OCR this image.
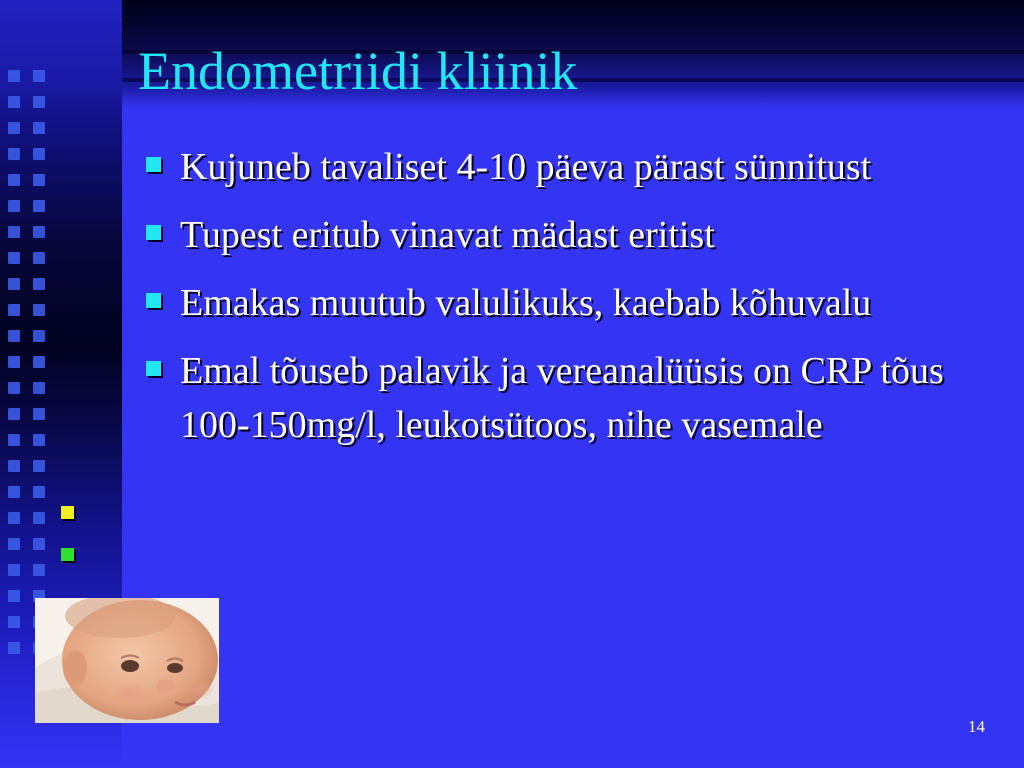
Endometriidi kliinik
Kujuneb tavaliset 4-10 päeva pärast sünnitust
Tupest eritub vinavat mädast eritist
Emakas muutub valulikuks, kaebab kõhuvalu
Emal tõuseb palavik ja vereanalüüsis on CRP tõus 100-150mg/l, leukotsütoos, nihe vasemale
14
